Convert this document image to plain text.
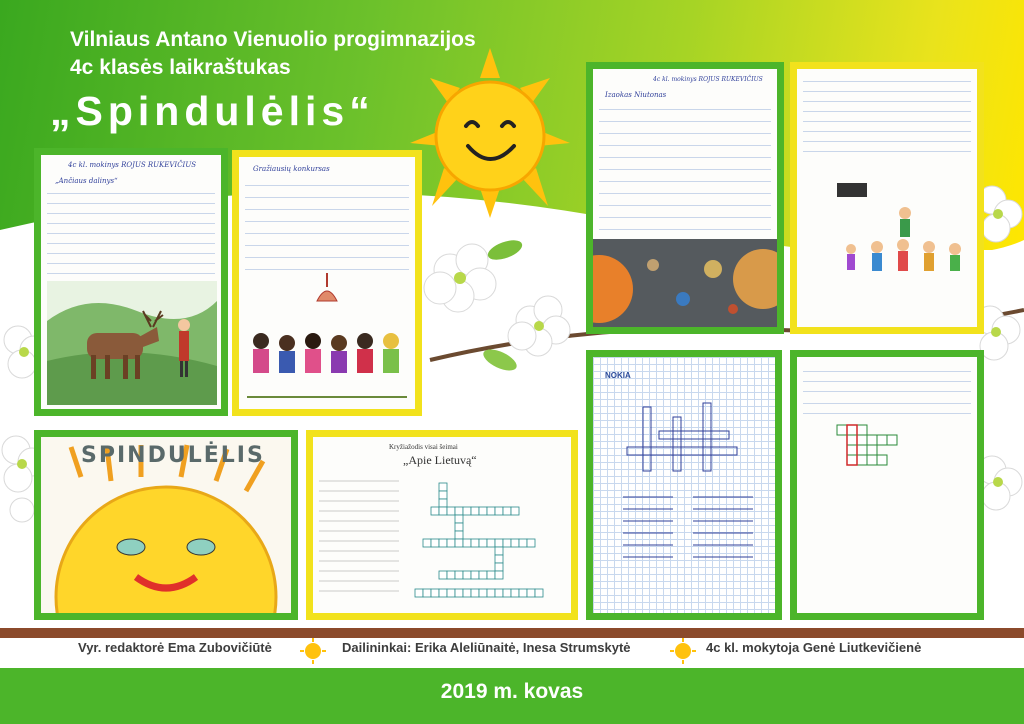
Vilniaus Antano Vienuolio progimnazijos
4c klasės laikraštukas
„Spindulėlis“
4c kl. mokinys ROJUS RUKEVIČIUS
„Ančiaus dalinys“
Gražiausių konkursas
4c kl. mokinys ROJUS RUKEVIČIUS
Izaokas Niutonas
SPINDULĖLIS	Kryžiažodis visai šeimai
„Apie Lietuvą“
NOKIA
Vyr. redaktorė Ema Zubovičiūtė	Dailininkai: Erika Aleliūnaitė, Inesa Strumskytė	4c kl. mokytoja Genė Liutkevičienė
2019 m. kovas
